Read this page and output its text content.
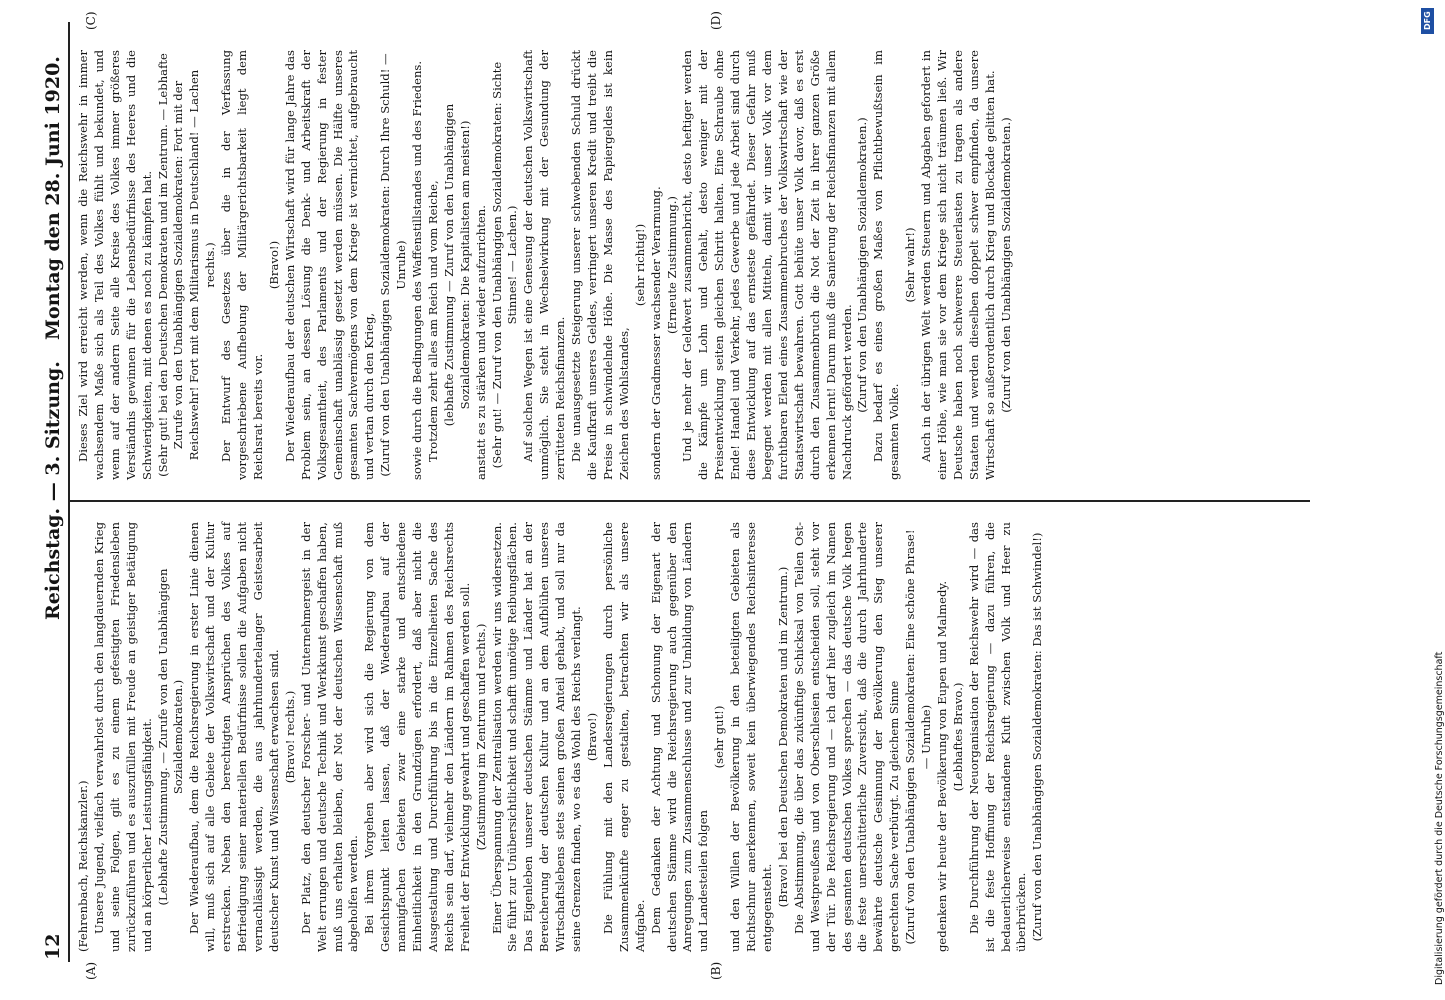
12
Reichstag. — 3. Sitzung.
Montag den 28. Juni 1920.
(A)	(B)
(C)	(D)

(Fehrenbach, Reichskanzler.) Unsere Jugend, vielfach verwahrlost durch den langdauernden Krieg und seine Folgen, gilt es zu einem gefestigten Friedensleben zurückzuführen und es auszufüllen mit Freude an geistiger Betätigung und an körperlicher Leistungsfähigkeit. (Lebhafte Zustimmung. — Zurufe von den Unabhängigen Sozialdemokraten.) Der Wiederaufbau, dem die Reichsregierung in erster Linie dienen will, muß sich auf alle Gebiete der Volkswirtschaft und der Kultur erstrecken. Neben den berechtigten Ansprüchen des Volkes auf Befriedigung seiner materiellen Bedürfnisse sollen die Aufgaben nicht vernachlässigt werden, die aus jahrhundertelanger Geistesarbeit deutscher Kunst und Wissenschaft erwachsen sind. (Bravo! rechts.) Der Platz, den deutscher Forscher- und Unternehmergeist in der Welt errungen und deutsche Technik und Werkkunst geschaffen haben, muß uns erhalten bleiben, der Not der deutschen Wissenschaft muß abgeholfen werden. Bei ihrem Vorgehen aber wird sich die Regierung von dem Gesichtspunkt leiten lassen, daß der Wiederaufbau auf der mannigfachen Gebieten zwar eine starke und entschiedene Einheitlichkeit in den Grundzügen erfordert, daß aber nicht die Ausgestaltung und Durchführung bis in die Einzelheiten Sache des Reichs sein darf, vielmehr den Ländern im Rahmen des Reichsrechts Freiheit der Entwicklung gewahrt und geschaffen werden soll. (Zustimmung im Zentrum und rechts.) Einer Überspannung der Zentralisation werden wir uns widersetzen. Sie führt zur Unübersichtlichkeit und schafft unnötige Reibungsflächen. Das Eigenleben unserer deutschen Stämme und Länder hat an der Bereicherung der deutschen Kultur und an dem Aufblühen unseres Wirtschaftslebens stets seinen großen Anteil gehabt, und soll nur da seine Grenzen finden, wo es das Wohl des Reichs verlangt. (Bravo!) Die Fühlung mit den Landesregierungen durch persönliche Zusammenkünfte enger zu gestalten, betrachten wir als unsere Aufgabe. Dem Gedanken der Achtung und Schonung der Eigenart der deutschen Stämme wird die Reichsregierung auch gegenüber den Anregungen zum Zusammenschlusse und zur Umbildung von Ländern und Landesteilen folgen

(sehr gut!) und den Willen der Bevölkerung in den beteiligten Gebieten als Richtschnur anerkennen, soweit kein überwiegendes Reichsinteresse entgegensteht.

(Bravo! bei den Deutschen Demokraten und im Zentrum.) Die Abstimmung, die über das zukünftige Schicksal von Teilen Ost- und Westpreußens und von Oberschlesien entscheiden soll, steht vor der Tür. Die Reichsregierung und — ich darf hier zugleich im Namen des gesamten deutschen Volkes sprechen — das deutsche Volk hegen die feste unerschütterliche Zuversicht, daß die durch Jahrhunderte bewährte deutsche Gesinnung der Bevölkerung den Sieg unserer gerechten Sache verbürgt. Zu gleichem Sinne (Zuruf von den Unabhängigen Sozialdemokraten: Eine schöne Phrase! — Unruhe) gedenken wir heute der Bevölkerung von Eupen und Malmedy. (Lebhaftes Bravo.) Die Durchführung der Neuorganisation der Reichswehr wird — das ist die feste Hoffnung der Reichsregierung — dazu führen, die bedauerlicherweise entstandene Kluft zwischen Volk und Heer zu überbrücken. (Zuruf von den Unabhängigen Sozialdemokraten: Das ist Schwindel!)

Dieses Ziel wird erreicht werden, wenn die Reichswehr in immer wachsendem Maße sich als Teil des Volkes fühlt und bekundet, und wenn auf der andern Seite alle Kreise des Volkes immer größeres Verständnis gewinnen für die Lebensbedürfnisse des Heeres und die Schwierigkeiten, mit denen es noch zu kämpfen hat. (Sehr gut! bei den Deutschen Demokraten und im Zentrum. — Lebhafte Zurufe von den Unabhängigen Sozialdemokraten: Fort mit der Reichswehr! Fort mit dem Militarismus in Deutschland! — Lachen rechts.) Der Entwurf des Gesetzes über die in der Verfassung vorgeschriebene Aufhebung der Militärgerichtsbarkeit liegt dem Reichsrat bereits vor.

(Bravo!) Der Wiederaufbau der deutschen Wirtschaft wird für lange Jahre das Problem sein, an dessen Lösung die Denk- und Arbeitskraft der Volksgesamtheit, des Parlaments und der Regierung in fester Gemeinschaft unablässig gesetzt werden müssen. Die Hälfte unseres gesamten Sachvermögens von dem Kriege ist vernichtet, aufgebraucht und vertan durch den Krieg, (Zuruf von den Unabhängigen Sozialdemokraten: Durch Ihre Schuld! — Unruhe) sowie durch die Bedingungen des Waffenstillstandes und des Friedens. Trotzdem zehrt alles am Reich und vom Reiche, (lebhafte Zustimmung — Zuruf von den Unabhängigen Sozialdemokraten: Die Kapitalisten am meisten!) anstatt es zu stärken und wieder aufzurichten. (Sehr gut! — Zuruf von den Unabhängigen Sozialdemokraten: Sichte Stinnes! — Lachen.) Auf solchen Wegen ist eine Genesung der deutschen Volkswirtschaft unmöglich. Sie steht in Wechselwirkung mit der Gesundung der zerrütteten Reichsfinanzen. Die unausgesetzte Steigerung unserer schwebenden Schuld drückt die Kaufkraft unseres Geldes, verringert unseren Kredit und treibt die Preise in schwindelnde Höhe. Die Masse des Papiergeldes ist kein Zeichen des Wohlstandes,

(sehr richtig!) sondern der Gradmesser wachsender Verarmung. (Erneute Zustimmung.) Und je mehr der Geldwert zusammenbricht, desto heftiger werden die Kämpfe um Lohn und Gehalt, desto weniger mit der Preisentwicklung seiten gleichen Schritt halten. Eine Schraube ohne Ende! Handel und Verkehr, jedes Gewerbe und jede Arbeit sind durch diese Entwicklung auf das ernsteste gefährdet. Dieser Gefahr muß begegnet werden mit allen Mitteln, damit wir unser Volk vor dem furchtbaren Elend eines Zusammenbruches der Volkswirtschaft wie der Staatswirtschaft bewahren. Gott behüte unser Volk davor, daß es erst durch den Zusammenbruch die Not der Zeit in ihrer ganzen Größe erkennen lernt! Darum muß die Sanierung der Reichsfinanzen mit allem Nachdruck gefördert werden. (Zuruf von den Unabhängigen Sozialdemokraten.) Dazu bedarf es eines großen Maßes von Pflichtbewußtsein im gesamten Volke.

(Sehr wahr!) Auch in der übrigen Welt werden Steuern und Abgaben gefordert in einer Höhe, wie man sie vor dem Kriege sich nicht träumen ließ. Wir Deutsche haben noch schwerere Steuerlasten zu tragen als andere Staaten und werden dieselben doppelt schwer empfinden, da unsere Wirtschaft so außerordentlich durch Krieg und Blockade gelitten hat. (Zuruf von den Unabhängigen Sozialdemokraten.)

DFG
Digitalisierung gefördert durch die Deutsche Forschungsgemeinschaft
